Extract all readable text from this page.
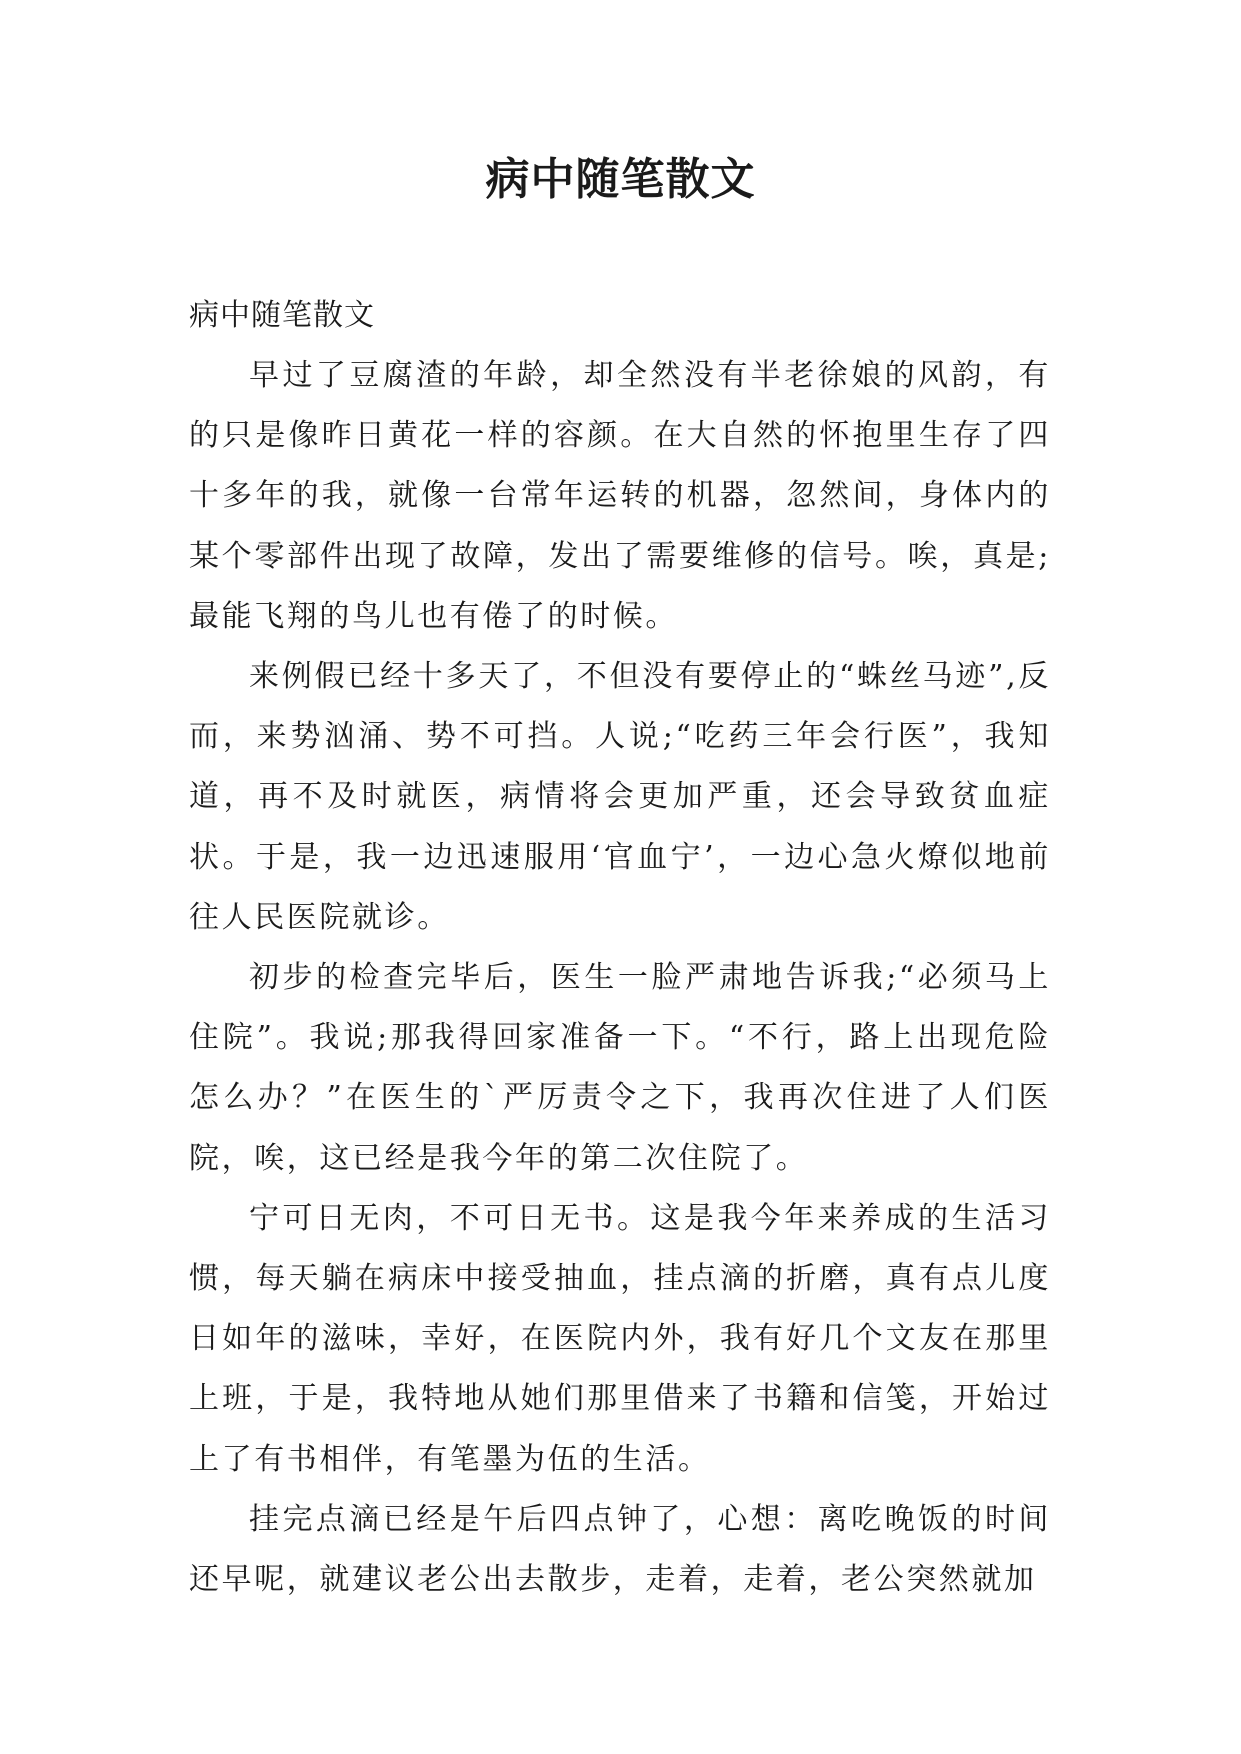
病中随笔散文

病中随笔散文

早过了豆腐渣的年龄，却全然没有半老徐娘的风韵，有的只是像昨日黄花一样的容颜。在大自然的怀抱里生存了四十多年的我，就像一台常年运转的机器，忽然间，身体内的某个零部件出现了故障，发出了需要维修的信号。唉，真是;最能飞翔的鸟儿也有倦了的时候。

来例假已经十多天了，不但没有要停止的“蛛丝马迹”,反而，来势汹涌、势不可挡。人说;“吃药三年会行医”，我知道，再不及时就医，病情将会更加严重，还会导致贫血症状。于是，我一边迅速服用‘官血宁’，一边心急火燎似地前往人民医院就诊。

初步的检查完毕后，医生一脸严肃地告诉我;“必须马上住院”。我说;那我得回家准备一下。“不行，路上出现危险怎么办？”在医生的`严厉责令之下，我再次住进了人们医院，唉，这已经是我今年的第二次住院了。

宁可日无肉，不可日无书。这是我今年来养成的生活习惯，每天躺在病床中接受抽血，挂点滴的折磨，真有点儿度日如年的滋味，幸好，在医院内外，我有好几个文友在那里上班，于是，我特地从她们那里借来了书籍和信笺，开始过上了有书相伴，有笔墨为伍的生活。

挂完点滴已经是午后四点钟了，心想：离吃晚饭的时间还早呢，就建议老公出去散步，走着，走着，老公突然就加
